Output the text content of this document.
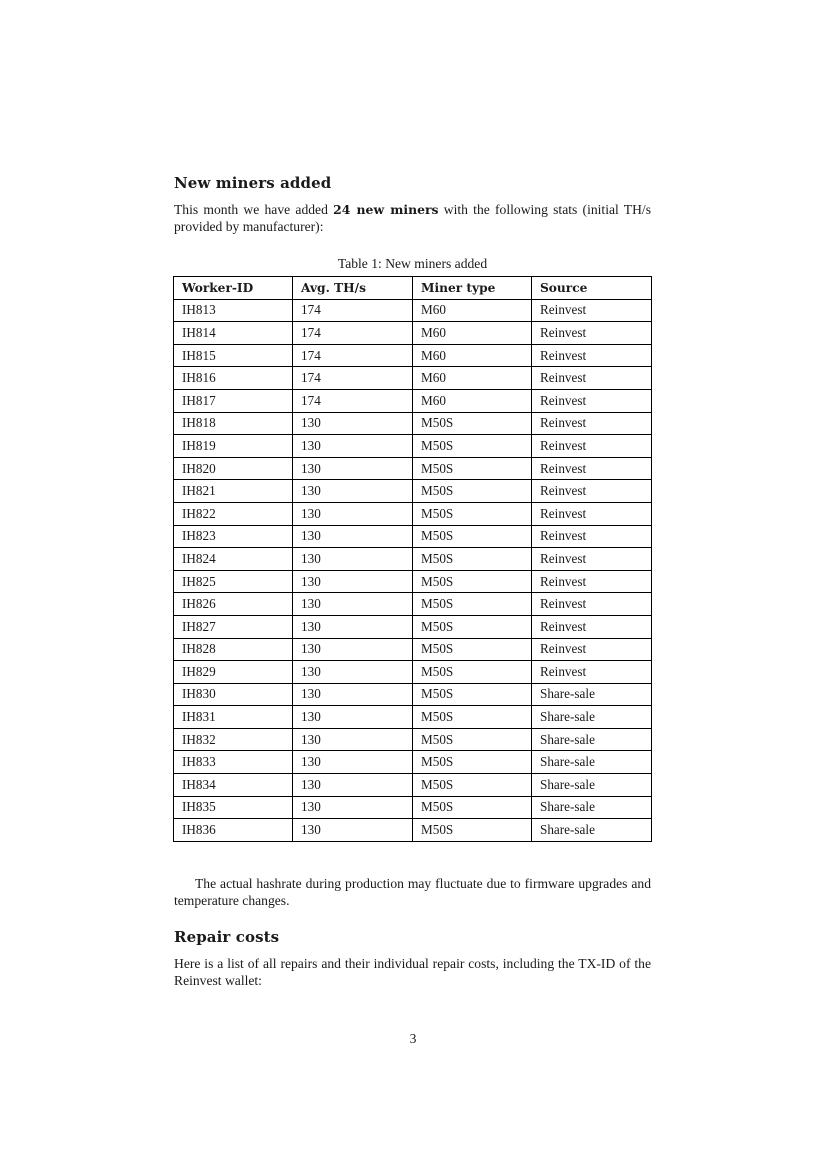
New miners added

This month we have added 24 new miners with the following stats (initial TH/s provided by manufacturer):

Table 1: New miners added
Worker-ID	Avg. TH/s	Miner type	Source
IH813	174	M60	Reinvest
IH814	174	M60	Reinvest
IH815	174	M60	Reinvest
IH816	174	M60	Reinvest
IH817	174	M60	Reinvest
IH818	130	M50S	Reinvest
IH819	130	M50S	Reinvest
IH820	130	M50S	Reinvest
IH821	130	M50S	Reinvest
IH822	130	M50S	Reinvest
IH823	130	M50S	Reinvest
IH824	130	M50S	Reinvest
IH825	130	M50S	Reinvest
IH826	130	M50S	Reinvest
IH827	130	M50S	Reinvest
IH828	130	M50S	Reinvest
IH829	130	M50S	Reinvest
IH830	130	M50S	Share-sale
IH831	130	M50S	Share-sale
IH832	130	M50S	Share-sale
IH833	130	M50S	Share-sale
IH834	130	M50S	Share-sale
IH835	130	M50S	Share-sale
IH836	130	M50S	Share-sale

The actual hashrate during production may fluctuate due to firmware upgrades and temperature changes.

Repair costs

Here is a list of all repairs and their individual repair costs, including the TX-ID of the Reinvest wallet:

3
